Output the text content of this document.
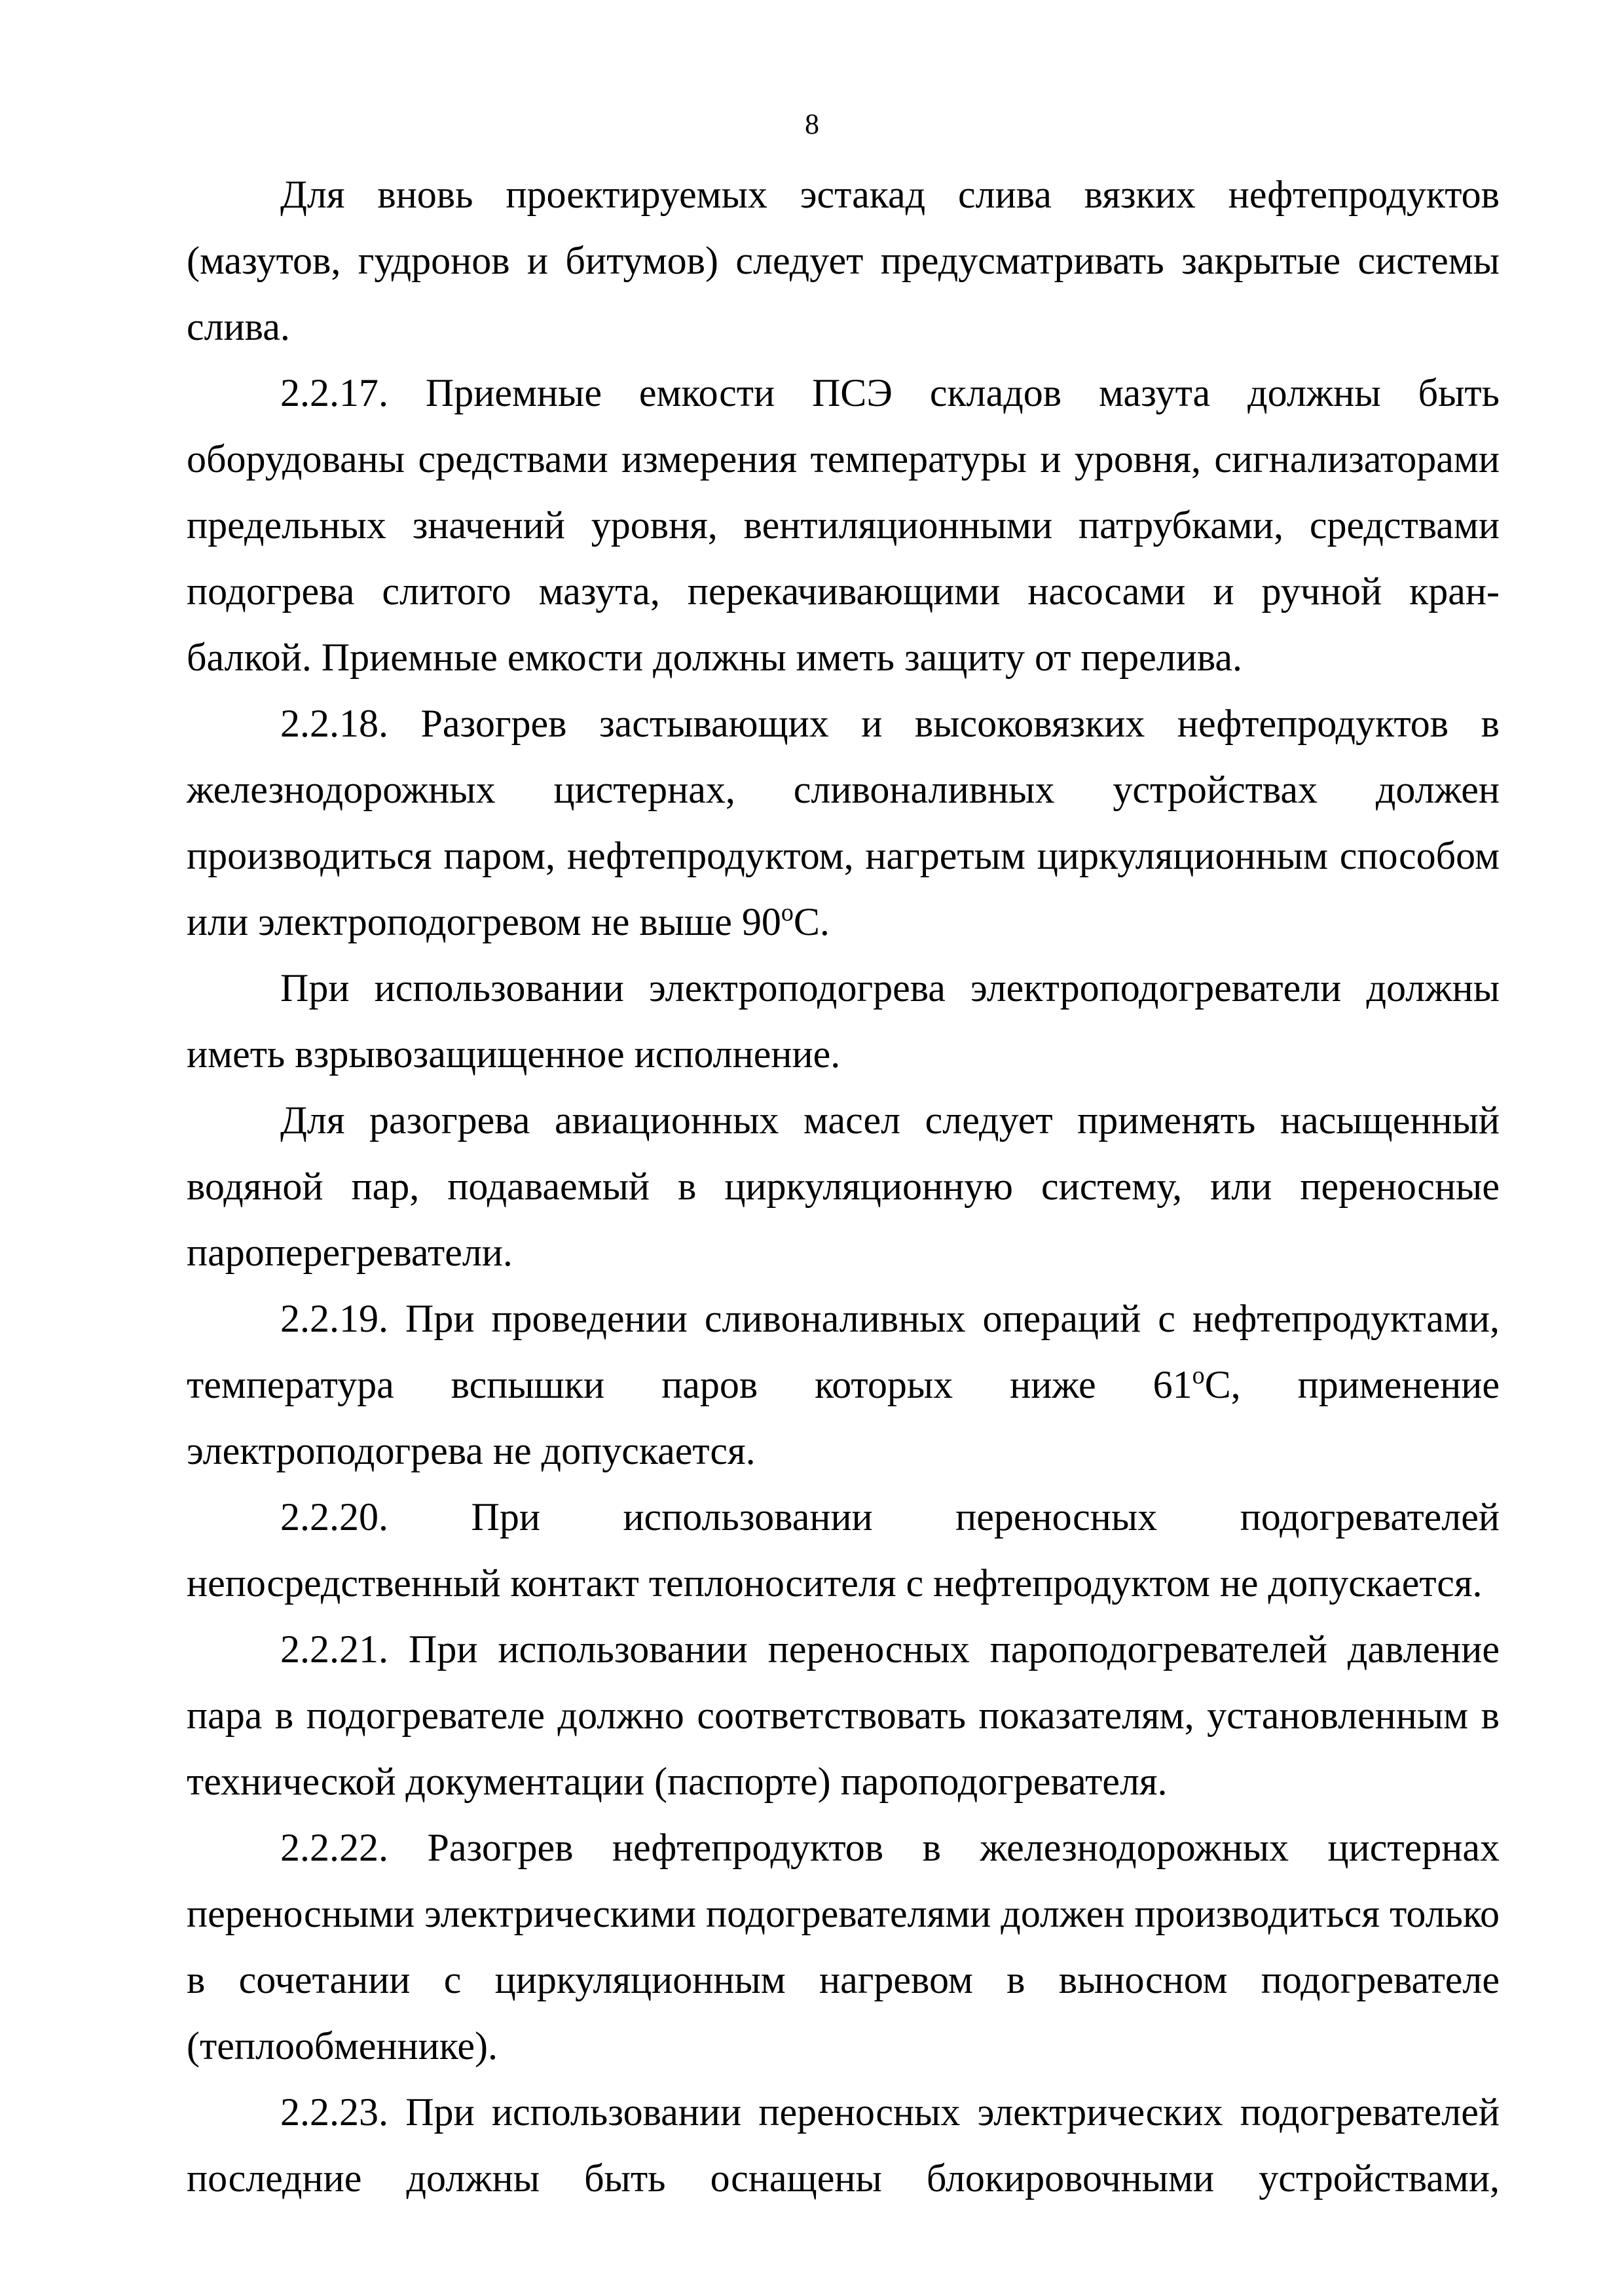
8

Для вновь проектируемых эстакад слива вязких нефтепродуктов (мазутов, гудронов и битумов) следует предусматривать закрытые системы слива.

2.2.17. Приемные емкости ПСЭ складов мазута должны быть оборудованы средствами измерения температуры и уровня, сигнализаторами предельных значений уровня, вентиляционными патрубками, средствами подогрева слитого мазута, перекачивающими насосами и ручной кран-балкой. Приемные емкости должны иметь защиту от перелива.

2.2.18. Разогрев застывающих и высоковязких нефтепродуктов в железнодорожных цистернах, сливоналивных устройствах должен производиться паром, нефтепродуктом, нагретым циркуляционным способом или электроподогревом не выше 90$^o$C.

При использовании электроподогрева электроподогреватели должны иметь взрывозащищенное исполнение.

Для разогрева авиационных масел следует применять насыщенный водяной пар, подаваемый в циркуляционную систему, или переносные пароперегреватели.

2.2.19. При проведении сливоналивных операций с нефтепродуктами, температура вспышки паров которых ниже 61$^o$C, применение электроподогрева не допускается.

2.2.20. При использовании переносных подогревателей непосредственный контакт теплоносителя с нефтепродуктом не допускается.

2.2.21. При использовании переносных пароподогревателей давление пара в подогревателе должно соответствовать показателям, установленным в технической документации (паспорте) пароподогревателя.

2.2.22. Разогрев нефтепродуктов в железнодорожных цистернах переносными электрическими подогревателями должен производиться только в сочетании с циркуляционным нагревом в выносном подогревателе (теплообменнике).

2.2.23. При использовании переносных электрических подогревателей последние должны быть оснащены блокировочными устройствами,
